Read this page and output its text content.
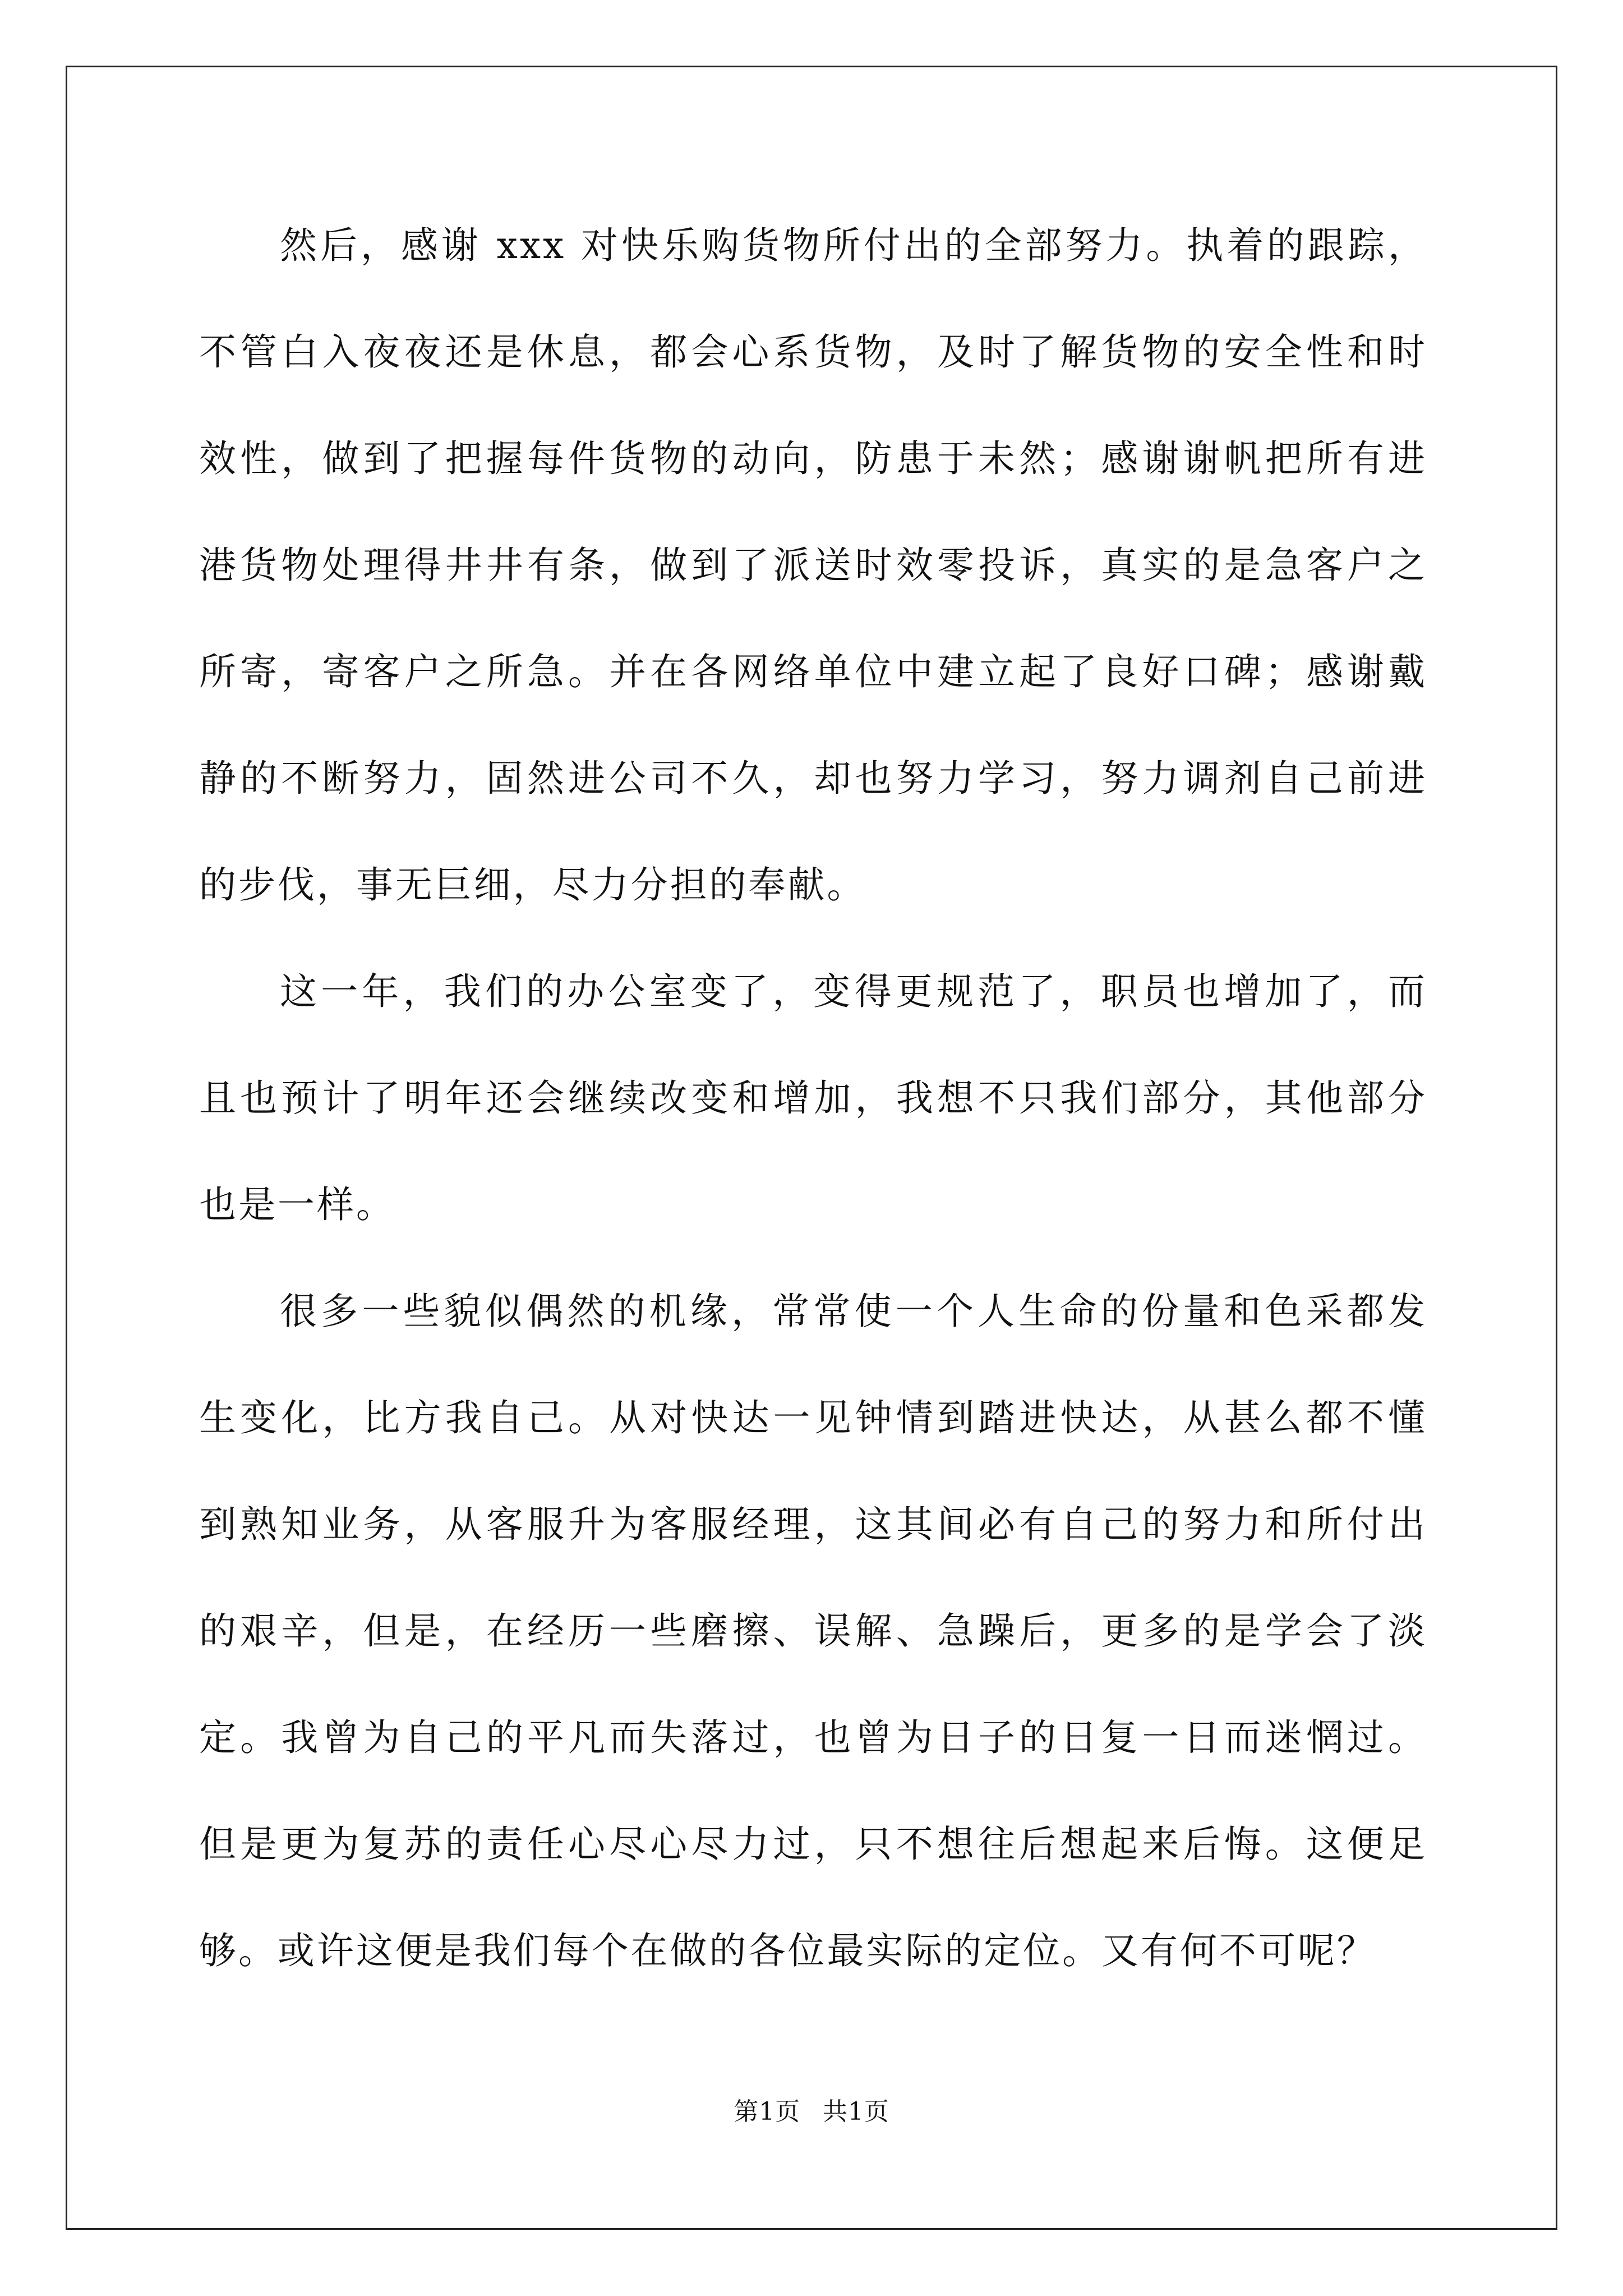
然后，感谢 xxx 对快乐购货物所付出的全部努力。执着的跟踪，
不管白入夜夜还是休息，都会心系货物，及时了解货物的安全性和时
效性，做到了把握每件货物的动向，防患于未然；感谢谢帆把所有进
港货物处理得井井有条，做到了派送时效零投诉，真实的是急客户之
所寄，寄客户之所急。并在各网络单位中建立起了良好口碑；感谢戴
静的不断努力，固然进公司不久，却也努力学习，努力调剂自己前进
的步伐，事无巨细，尽力分担的奉献。
这一年，我们的办公室变了，变得更规范了，职员也增加了，而
且也预计了明年还会继续改变和增加，我想不只我们部分，其他部分
也是一样。
很多一些貌似偶然的机缘，常常使一个人生命的份量和色采都发
生变化，比方我自己。从对快达一见钟情到踏进快达，从甚么都不懂
到熟知业务，从客服升为客服经理，这其间必有自己的努力和所付出
的艰辛，但是，在经历一些磨擦、误解、急躁后，更多的是学会了淡
定。我曾为自己的平凡而失落过，也曾为日子的日复一日而迷惘过。
但是更为复苏的责任心尽心尽力过，只不想往后想起来后悔。这便足
够。或许这便是我们每个在做的各位最实际的定位。又有何不可呢？
第1页 共1页
